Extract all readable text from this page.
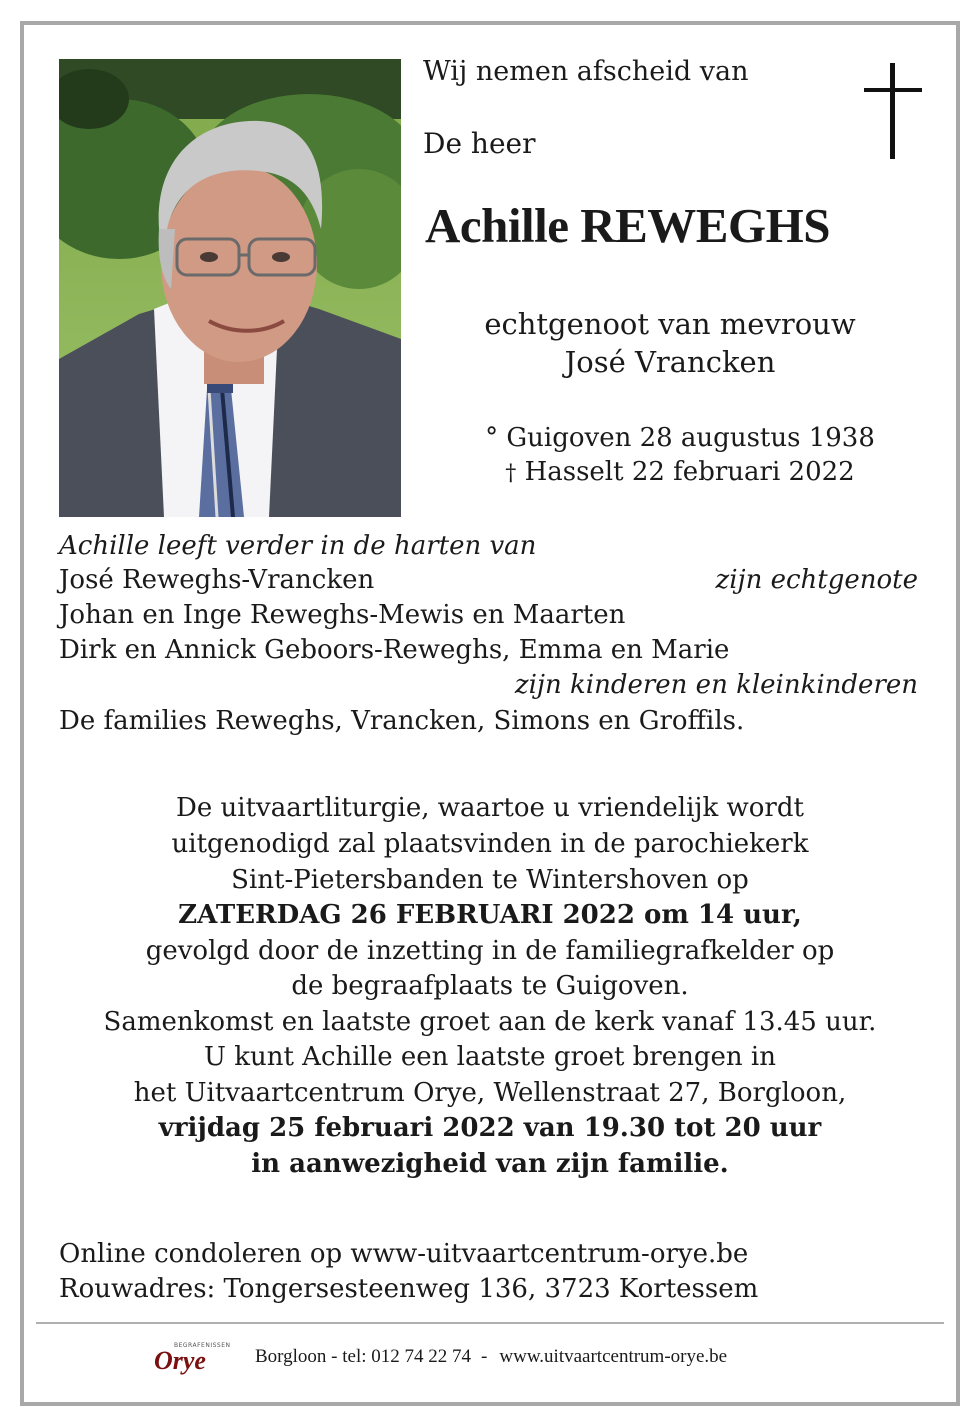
Wij nemen afscheid van
De heer
Achille REWEGHS
echtgenoot van mevrouw
José Vrancken
° Guigoven 28 augustus 1938
† Hasselt 22 februari 2022
Achille leeft verder in de harten van
José Reweghs-Vrancken	zijn echtgenote
Johan en Inge Reweghs-Mewis en Maarten
Dirk en Annick Geboors-Reweghs, Emma en Marie
zijn kinderen en kleinkinderen
De families Reweghs, Vrancken, Simons en Groffils.
De uitvaartliturgie, waartoe u vriendelijk wordt
uitgenodigd zal plaatsvinden in de parochiekerk
Sint-Pietersbanden te Wintershoven op
ZATERDAG 26 FEBRUARI 2022 om 14 uur,
gevolgd door de inzetting in de familiegrafkelder op
de begraafplaats te Guigoven.
Samenkomst en laatste groet aan de kerk vanaf 13.45 uur.
U kunt Achille een laatste groet brengen in
het Uitvaartcentrum Orye, Wellenstraat 27, Borgloon,
vrijdag 25 februari 2022 van 19.30 tot 20 uur
in aanwezigheid van zijn familie.
Online condoleren op www-uitvaartcentrum-orye.be
Rouwadres: Tongersesteenweg 136, 3723 Kortessem
BEGRAFENISSEN
Orye	Borgloon - tel: 012 74 22 74 - www.uitvaartcentrum-orye.be
